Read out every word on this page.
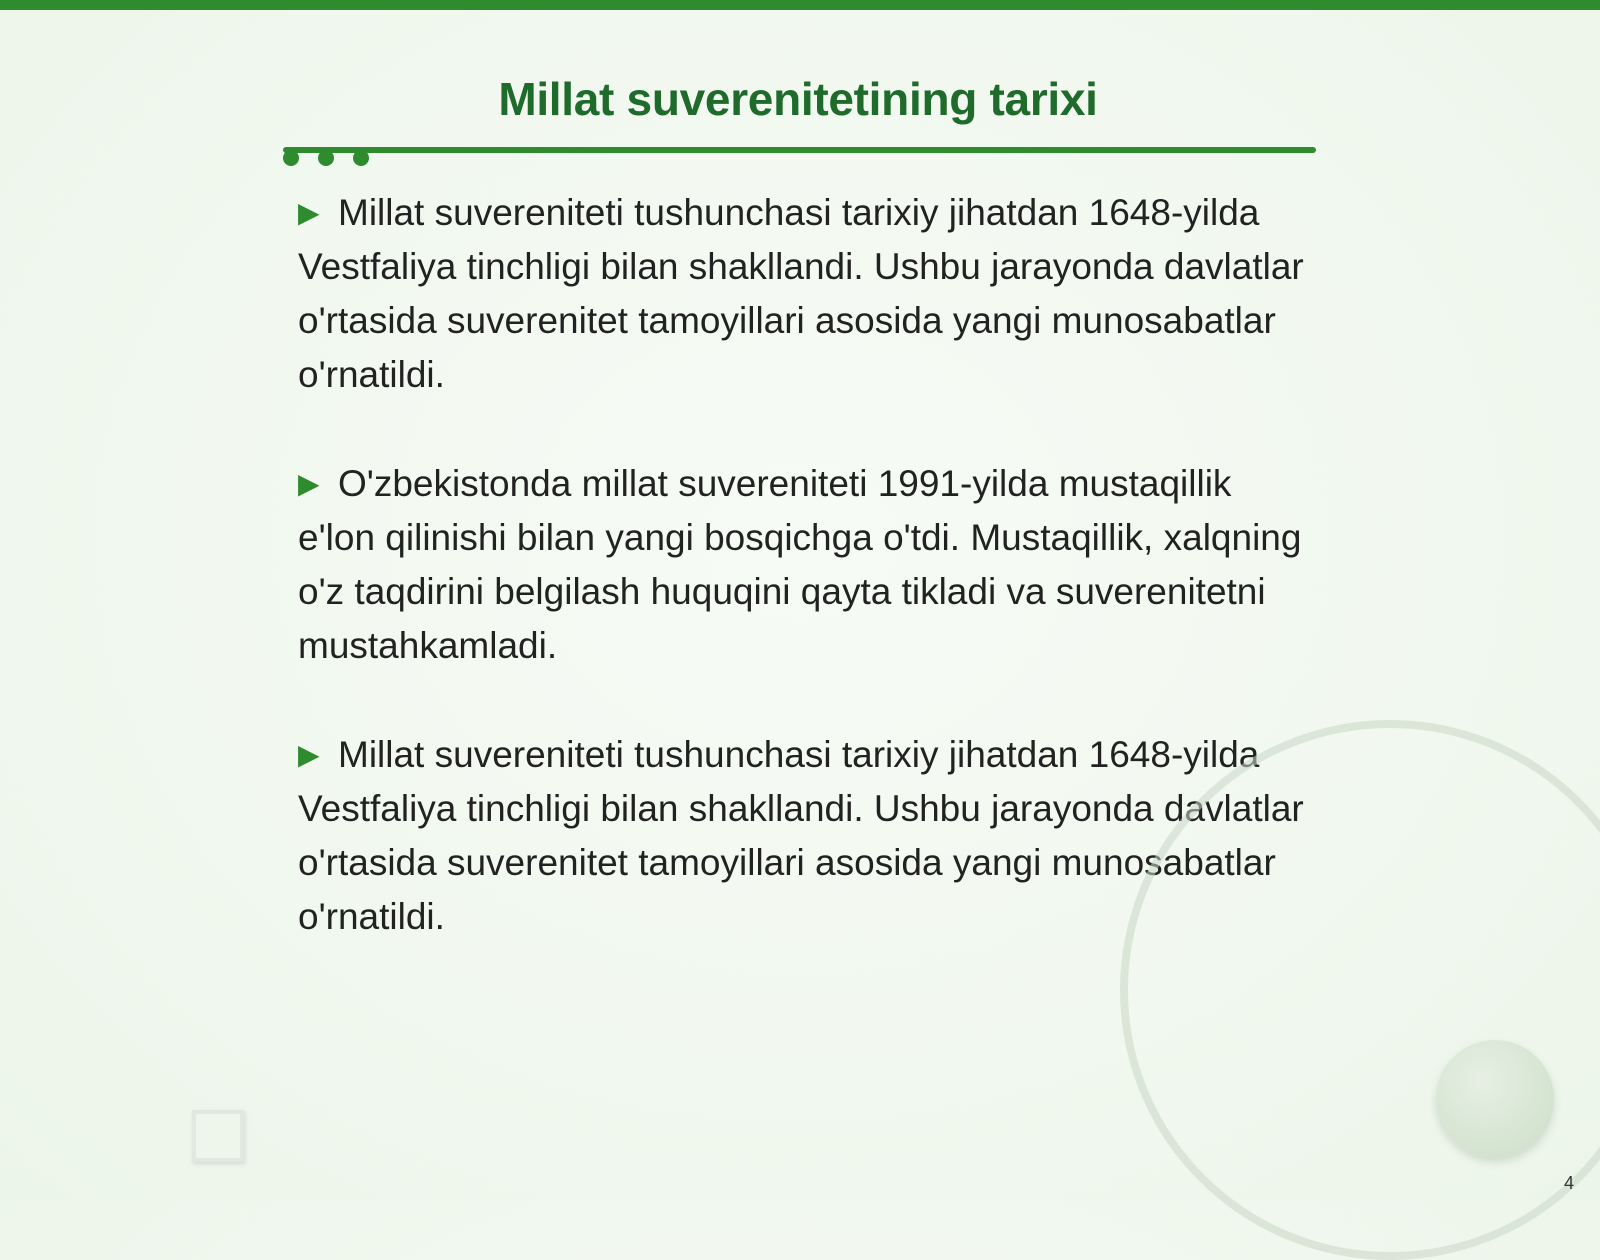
Millat suverenitetining tarixi

▶ Millat suvereniteti tushunchasi tarixiy jihatdan 1648-yilda Vestfaliya tinchligi bilan shakllandi. Ushbu jarayonda davlatlar o'rtasida suverenitet tamoyillari asosida yangi munosabatlar o'rnatildi.

▶ O'zbekistonda millat suvereniteti 1991-yilda mustaqillik e'lon qilinishi bilan yangi bosqichga o'tdi. Mustaqillik, xalqning o'z taqdirini belgilash huquqini qayta tikladi va suverenitetni mustahkamladi.

▶ Millat suvereniteti tushunchasi tarixiy jihatdan 1648-yilda Vestfaliya tinchligi bilan shakllandi. Ushbu jarayonda davlatlar o'rtasida suverenitet tamoyillari asosida yangi munosabatlar o'rnatildi.

4
